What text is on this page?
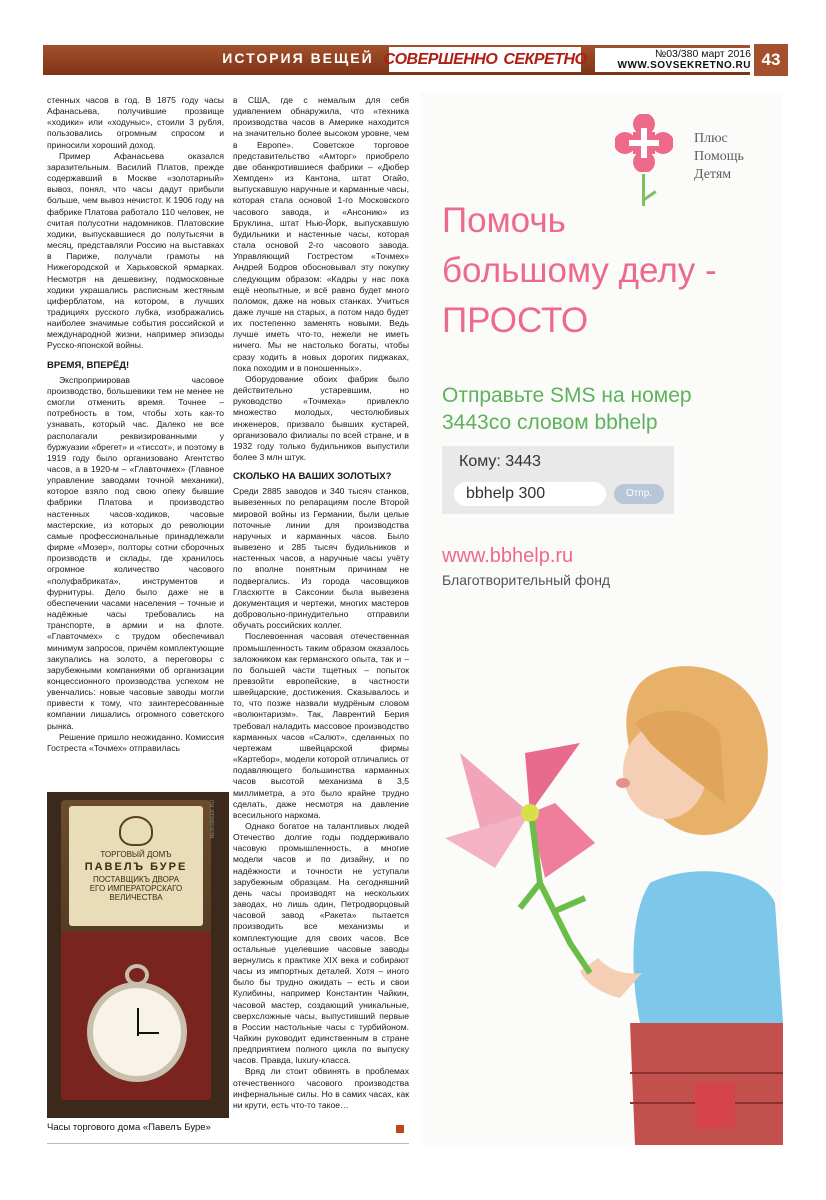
ИСТОРИЯ ВЕЩЕЙ СОВЕРШЕННО СЕКРЕТНО	№03/380 март 2016
WWW.SOVSEKRETNO.RU 43

стенных часов в год. В 1875 году часы Афанасьева, получившие прозвище «ходики» или «ходуныс», стоили 3 рубля, пользовались огромным спросом и приносили хороший доход.

Пример Афанасьева оказался заразительным. Василий Платов, прежде содержавший в Москве «золотарный» вывоз, понял, что часы дадут прибыли больше, чем вывоз нечистот. К 1906 году на фабрике Платова работало 110 человек, не считая полусотни надомников. Платовские ходики, выпускавшиеся до полутысячи в месяц, представляли Россию на выставках в Париже, получали грамоты на Нижегородской и Харьковской ярмарках. Несмотря на дешевизну, подмосковные ходики украшались расписным жестяным циферблатом, на котором, в лучших традициях русского лубка, изображались наиболее значимые события российской и международной жизни, например эпизоды Русско-японской войны.

ВРЕМЯ, ВПЕРЁД!

Экспроприировав часовое производство, большевики тем не менее не смогли отменить время. Точнее – потребность в том, чтобы хоть как-то узнавать, который час. Далеко не все располагали реквизированными у буржуазии «брегет» и «тиссот», и поэтому в 1919 году было организовано Агентство часов, а в 1920-м – «Главточмех» (Главное управление заводами точной механики), которое взяло под свою опеку бывшие фабрики Платова и производство настенных часов-ходиков, часовые мастерские, из которых до революции самые профессиональные принадлежали фирме «Мозер», полторы сотни сборочных производств и склады, где хранилось огромное количество часового «полуфабриката», инструментов и фурнитуры. Дело было даже не в обеспечении часами населения – точные и надёжные часы требовались на транспорте, в армии и на флоте. «Главточмех» с трудом обеспечивал минимум запросов, причём комплектующие закупались на золото, а переговоры с зарубежными компаниями об организации концессионного производства успехом не увенчались: новые часовые заводы могли привести к тому, что заинтересованные компании лишались огромного советского рынка.

Решение пришло неожиданно. Комиссия Гостреста «Точмех» отправилась

в США, где с немалым для себя удивлением обнаружила, что «техника производства часов в Америке находится на значительно более высоком уровне, чем в Европе». Советское торговое представительство «Амторг» приобрело две обанкротившиеся фабрики – «Дюбер Хемпден» из Кантона, штат Огайо, выпускавшую наручные и карманные часы, которая стала основой 1-го Московского часового завода, и «Ансонию» из Бруклина, штат Нью-Йорк, выпускавшую будильники и настенные часы, которая стала основой 2-го часового завода. Управляющий Гострестом «Точмех» Андрей Бодров обосновывал эту покупку следующим образом: «Кадры у нас пока ещё неопытные, и всё равно будет много поломок, даже на новых станках. Учиться даже лучше на старых, а потом надо будет их постепенно заменять новыми. Ведь лучше иметь что-то, нежели не иметь ничего. Мы не настолько богаты, чтобы сразу ходить в новых дорогих пиджаках, пока походим и в поношенных».

Оборудование обоих фабрик было действительно устаревшим, но руководство «Точмеха» привлекло множество молодых, честолюбивых инженеров, призвало бывших кустарей, организовало филиалы по всей стране, и в 1932 году только будильников выпустили более 3 млн штук.

СКОЛЬКО НА ВАШИХ ЗОЛОТЫХ?

Среди 2885 заводов и 340 тысяч станков, вывезенных по репарациям после Второй мировой войны из Германии, были целые поточные линии для производства наручных и карманных часов. Было вывезено и 285 тысяч будильников и настенных часов, а наручные часы учёту по вполне понятным причинам не подвергались. Из города часовщиков Гласхютте в Саксонии была вывезена документация и чертежи, многих мастеров добровольно-принудительно отправили обучать российских коллег.

Послевоенная часовая отечественная промышленность таким образом оказалось заложником как германского опыта, так и – по большей части тщетных – попыток превзойти европейские, в частности швейцарские, достижения. Сказывалось и то, что позже назвали мудрёным словом «волюнтаризм». Так, Лаврентий Берия требовал наладить массовое производство карманных часов «Салют», сделанных по чертежам швейцарской фирмы «Картебор», модели которой отличались от подавляющего большинства карманных часов высотой механизма в 3,5 миллиметра, а это было крайне трудно сделать, даже несмотря на давление всесильного наркома.

Однако богатое на талантливых людей Отечество долгие годы поддерживало часовую промышленность, а многие модели часов и по дизайну, и по надёжности и точности не уступали зарубежным образцам. На сегодняшний день часы производят на нескольких заводах, но лишь один, Петродворцовый часовой завод «Ракета» пытается производить все механизмы и комплектующие для своих часов. Все остальные уцелевшие часовые заводы вернулись к практике XIX века и собирают часы из импортных деталей. Хотя – иного было бы трудно ожидать – есть и свои Кулибины, например Константин Чайкин, часовой мастер, создающий уникальные, сверхсложные часы, выпустивший первые в России настольные часы с турбийоном. Чайкин руководит единственным в стране предприятием полного цикла по выпуску часов. Правда, luxury-класса.

Вряд ли стоит обвинять в проблемах отечественного часового производства инфернальные силы. Но в самих часах, как ни крути, есть что-то такое…

ТОРГОВЫЙ ДОМЪ
ПАВЕЛЪ БУРЕ
ПОСТАВЩИКЪ ДВОРА
ЕГО ИМПЕРАТОРСКАГО ВЕЛИЧЕСТВА
NEWSWEEK.RU
Часы торгового дома «Павелъ Буре»
Плюс
Помощь
Детям
Помочь
большому делу -
ПРОСТО
Отправьте SMS на номер
3443со словом bbhelp
Кому: 3443
bbhelp 300	Отпр.
www.bbhelp.ru
Благотворительный фонд
